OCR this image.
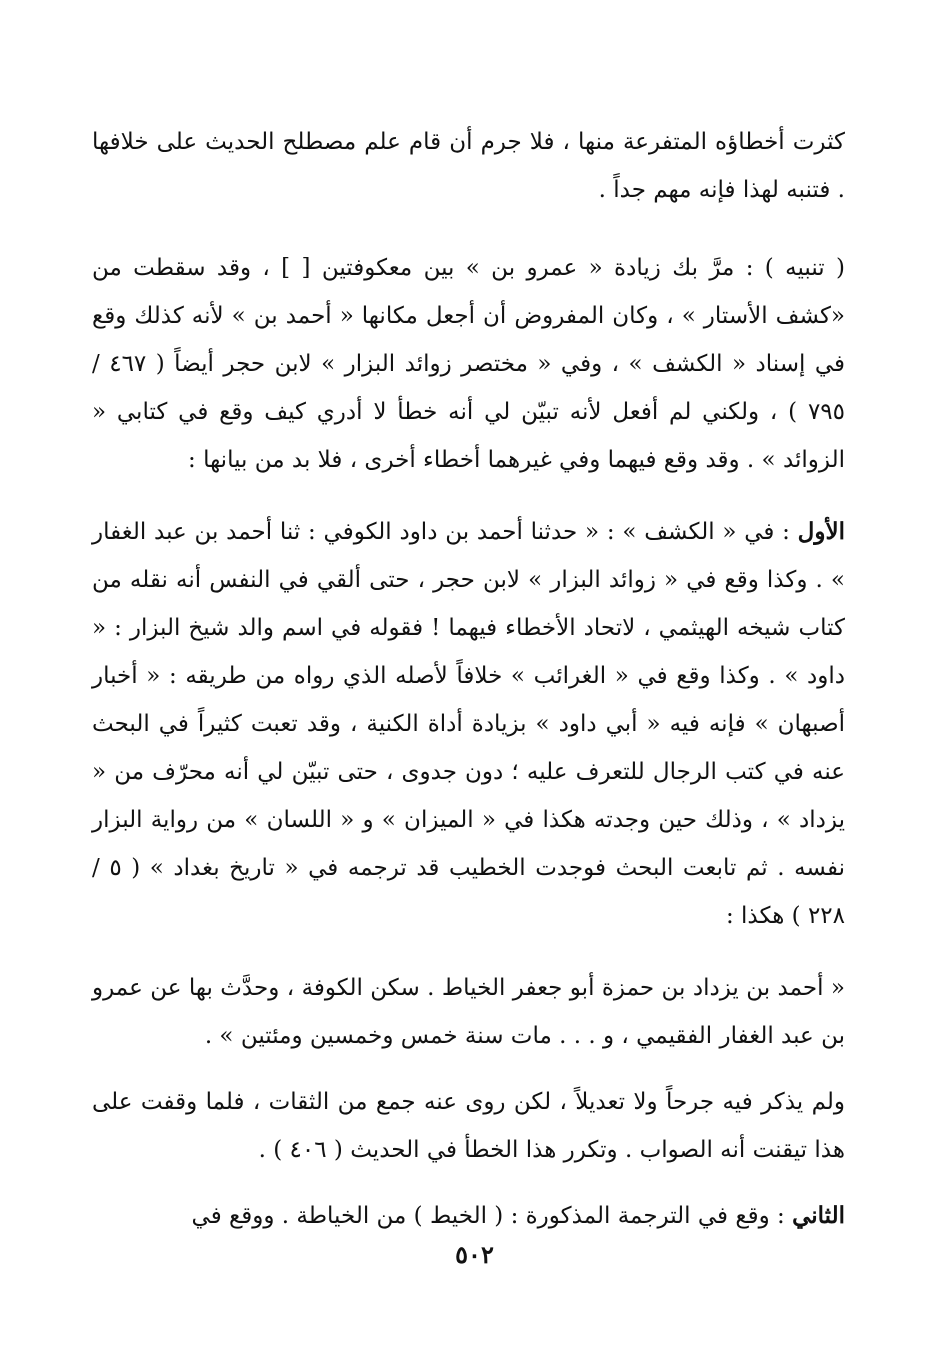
كثرت أخطاؤه المتفرعة منها ، فلا جرم أن قام علم مصطلح الحديث على خلافها . فتنبه لهذا فإنه مهم جداً .

( تنبيه ) : مرَّ بك زيادة « عمرو بن » بين معكوفتين [ ] ، وقد سقطت من «كشف الأستار » ، وكان المفروض أن أجعل مكانها « أحمد بن » لأنه كذلك وقع في إسناد « الكشف » ، وفي « مختصر زوائد البزار » لابن حجر أيضاً ( ٤٦٧ / ٧٩٥ ) ، ولكني لم أفعل لأنه تبيّن لي أنه خطأ لا أدري كيف وقع في كتابي « الزوائد » . وقد وقع فيهما وفي غيرهما أخطاء أخرى ، فلا بد من بيانها :

الأول : في « الكشف » : « حدثنا أحمد بن داود الكوفي : ثنا أحمد بن عبد الغفار » . وكذا وقع في « زوائد البزار » لابن حجر ، حتى ألقي في النفس أنه نقله من كتاب شيخه الهيثمي ، لاتحاد الأخطاء فيهما ! فقوله في اسم والد شيخ البزار : « داود » . وكذا وقع في « الغرائب » خلافاً لأصله الذي رواه من طريقه : « أخبار أصبهان » فإنه فيه « أبي داود » بزيادة أداة الكنية ، وقد تعبت كثيراً في البحث عنه في كتب الرجال للتعرف عليه ؛ دون جدوى ، حتى تبيّن لي أنه محرّف من « يزداد » ، وذلك حين وجدته هكذا في « الميزان » و « اللسان » من رواية البزار نفسه . ثم تابعت البحث فوجدت الخطيب قد ترجمه في « تاريخ بغداد » ( ٥ / ٢٢٨ ) هكذا :

« أحمد بن يزداد بن حمزة أبو جعفر الخياط . سكن الكوفة ، وحدَّث بها عن عمرو بن عبد الغفار الفقيمي ، و . . . مات سنة خمس وخمسين ومئتين » .

ولم يذكر فيه جرحاً ولا تعديلاً ، لكن روى عنه جمع من الثقات ، فلما وقفت على هذا تيقنت أنه الصواب . وتكرر هذا الخطأ في الحديث ( ٤٠٦ ) .

الثاني : وقع في الترجمة المذكورة : ( الخيط ) من الخياطة . ووقع في

٥٠٢
